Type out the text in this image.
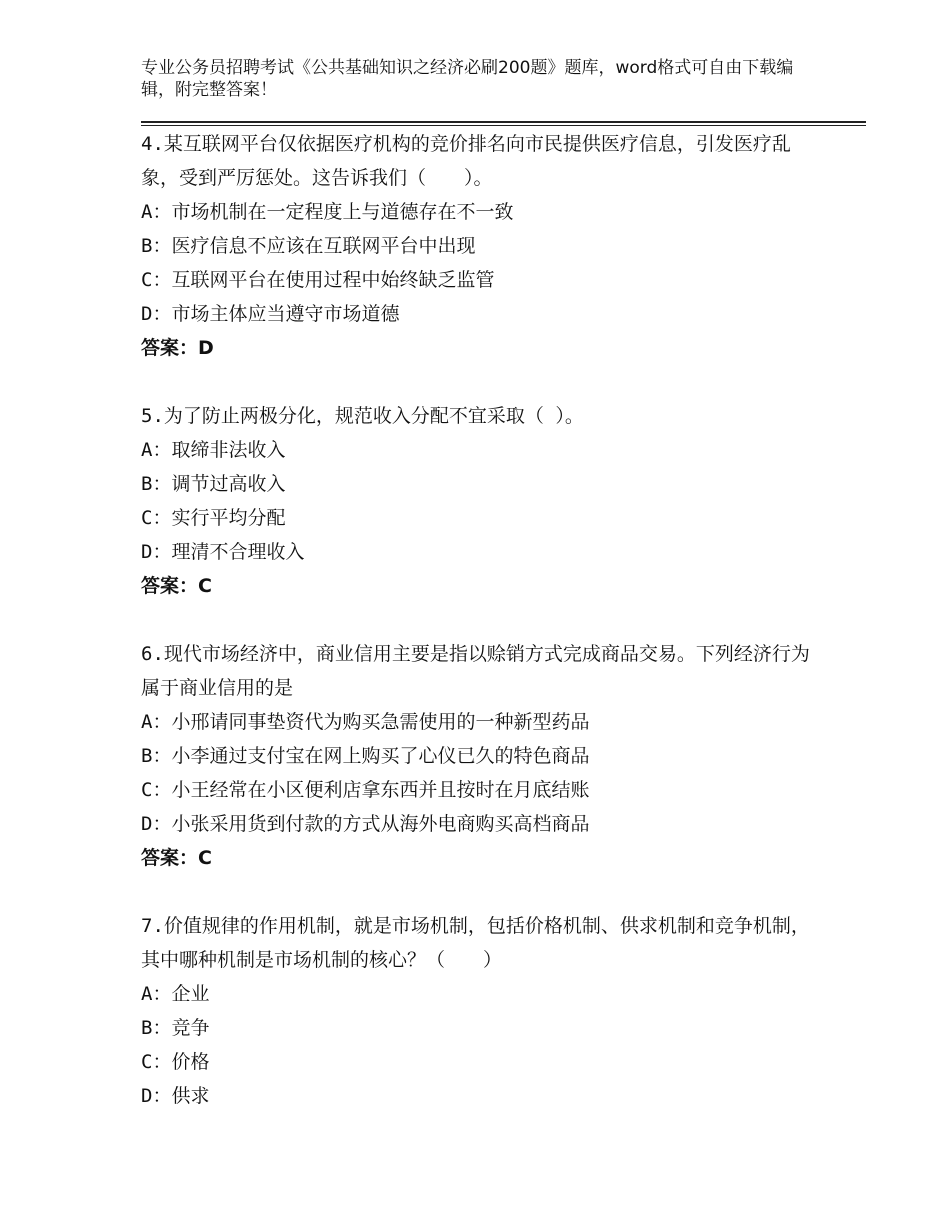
专业公务员招聘考试《公共基础知识之经济必刷200题》题库，word格式可自由下载编辑，附完整答案！

4.某互联网平台仅依据医疗机构的竞价排名向市民提供医疗信息，引发医疗乱象，受到严厉惩处。这告诉我们（　　）。

A：市场机制在一定程度上与道德存在不一致

B：医疗信息不应该在互联网平台中出现

C：互联网平台在使用过程中始终缺乏监管

D：市场主体应当遵守市场道德

答案：D

5.为了防止两极分化，规范收入分配不宜采取（ ）。

A：取缔非法收入

B：调节过高收入

C：实行平均分配

D：理清不合理收入

答案：C

6.现代市场经济中，商业信用主要是指以赊销方式完成商品交易。下列经济行为属于商业信用的是

A：小邢请同事垫资代为购买急需使用的一种新型药品

B：小李通过支付宝在网上购买了心仪已久的特色商品

C：小王经常在小区便利店拿东西并且按时在月底结账

D：小张采用货到付款的方式从海外电商购买高档商品

答案：C

7.价值规律的作用机制，就是市场机制，包括价格机制、供求机制和竞争机制，其中哪种机制是市场机制的核心？（　　）

A：企业

B：竞争

C：价格

D：供求
